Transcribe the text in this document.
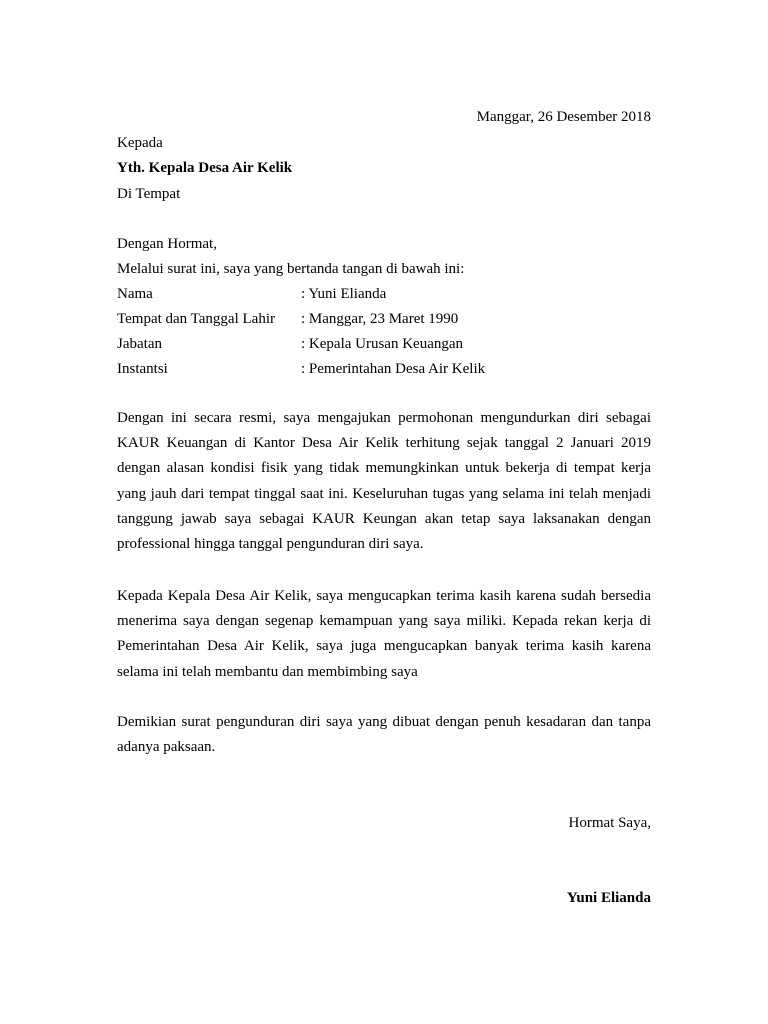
Manggar, 26 Desember 2018
Kepada
Yth. Kepala Desa Air Kelik
Di Tempat
Dengan Hormat,
Melalui surat ini, saya yang bertanda tangan di bawah ini:
Nama	: Yuni Elianda
Tempat dan Tanggal Lahir : Manggar, 23 Maret 1990
Jabatan	: Kepala Urusan Keuangan
Instantsi	: Pemerintahan Desa Air Kelik

Dengan ini secara resmi, saya mengajukan permohonan mengundurkan diri sebagai KAUR Keuangan di Kantor Desa Air Kelik terhitung sejak tanggal 2 Januari 2019 dengan alasan kondisi fisik yang tidak memungkinkan untuk bekerja di tempat kerja yang jauh dari tempat tinggal saat ini. Keseluruhan tugas yang selama ini telah menjadi tanggung jawab saya sebagai KAUR Keungan akan tetap saya laksanakan dengan professional hingga tanggal pengunduran diri saya.

Kepada Kepala Desa Air Kelik, saya mengucapkan terima kasih karena sudah bersedia menerima saya dengan segenap kemampuan yang saya miliki. Kepada rekan kerja di Pemerintahan Desa Air Kelik, saya juga mengucapkan banyak terima kasih karena selama ini telah membantu dan membimbing saya

Demikian surat pengunduran diri saya yang dibuat dengan penuh kesadaran dan tanpa adanya paksaan.

Hormat Saya,
Yuni Elianda
